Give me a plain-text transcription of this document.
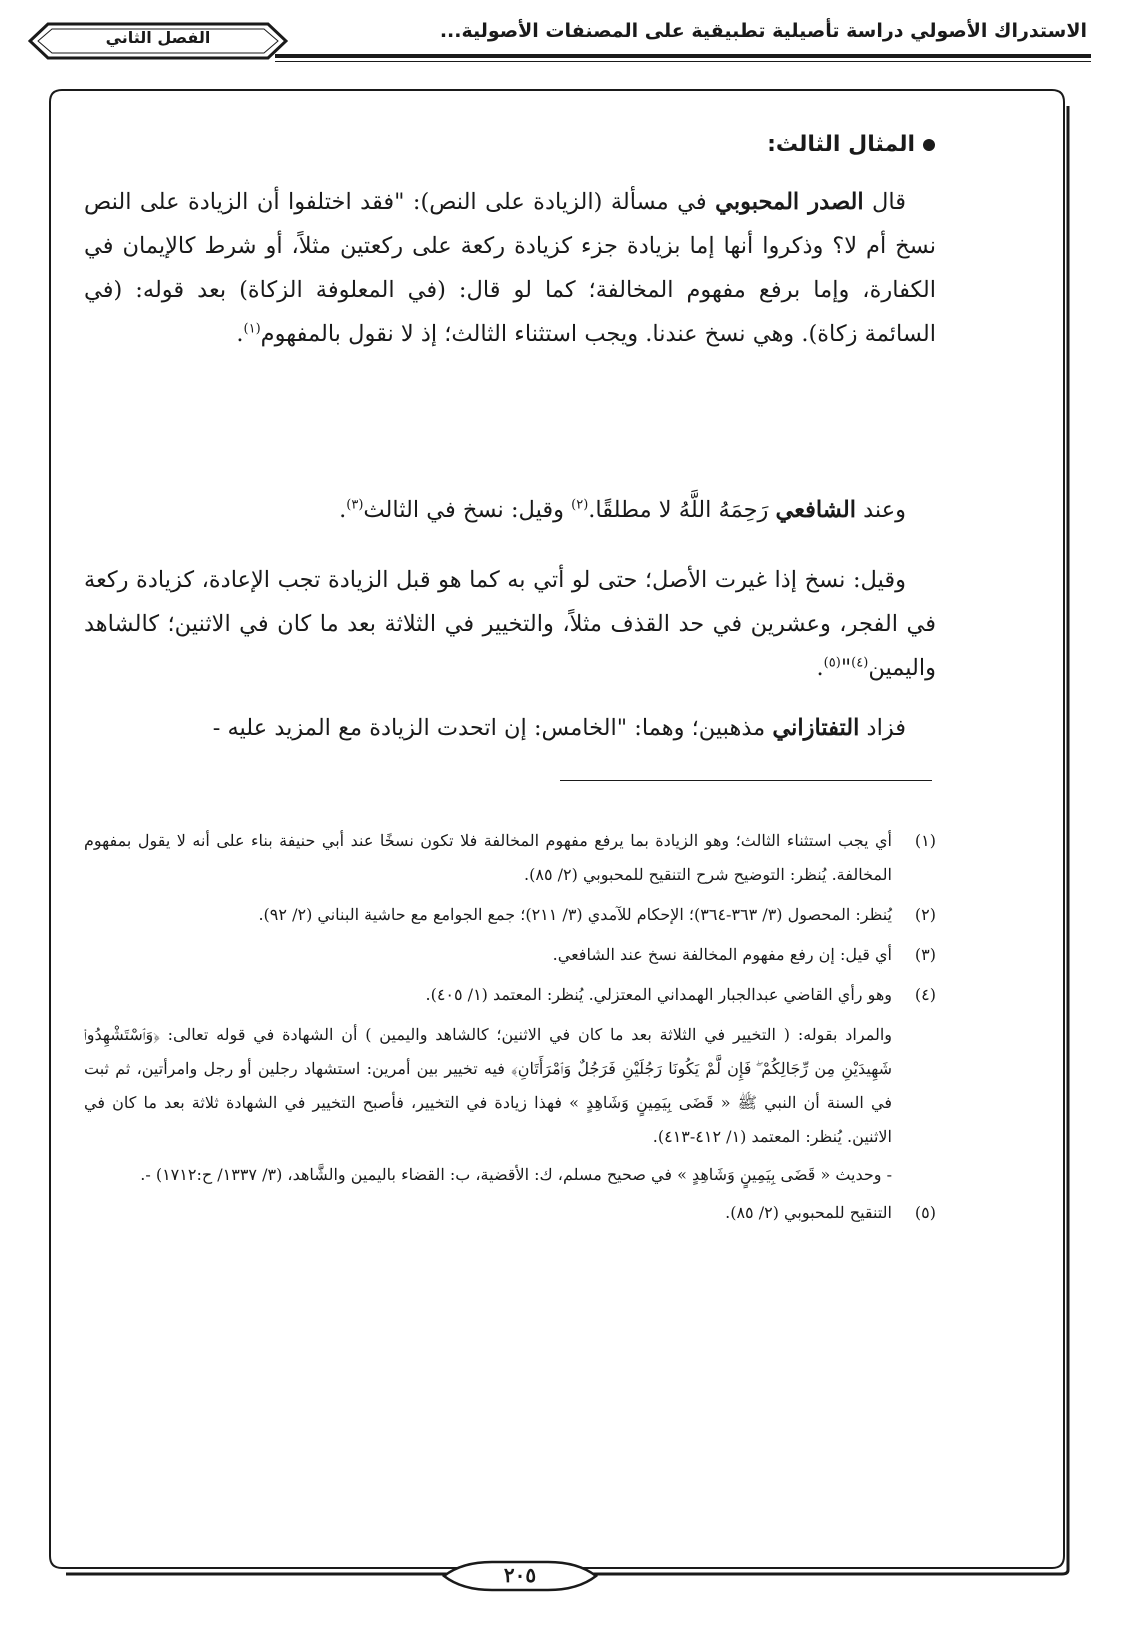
الاستدراك الأصولي دراسة تأصيلية تطبيقية على المصنفات الأصولية...
الفصل الثاني
المثال الثالث:
قال الصدر المحبوبي في مسألة (الزيادة على النص): "فقد اختلفوا أن الزيادة على النص نسخ أم لا؟ وذكروا أنها إما بزيادة جزء كزيادة ركعة على ركعتين مثلاً، أو شرط كالإيمان في الكفارة، وإما برفع مفهوم المخالفة؛ كما لو قال: (في المعلوفة الزكاة) بعد قوله: (في السائمة زكاة). وهي نسخ عندنا. ويجب استثناء الثالث؛ إذ لا نقول بالمفهوم$^{(١)}$.
وعند الشافعي رَحِمَهُ اللَّهُ لا مطلقًا.$^{(٢)}$ وقيل: نسخ في الثالث$^{(٣)}$.
وقيل: نسخ إذا غيرت الأصل؛ حتى لو أتي به كما هو قبل الزيادة تجب الإعادة، كزيادة ركعة في الفجر، وعشرين في حد القذف مثلاً، والتخيير في الثلاثة بعد ما كان في الاثنين؛ كالشاهد واليمين$^{(٤)}$"$^{(٥)}$.
فزاد التفتازاني مذهبين؛ وهما: "الخامس: إن اتحدت الزيادة مع المزيد عليه -
(١)
أي يجب استثناء الثالث؛ وهو الزيادة بما يرفع مفهوم المخالفة فلا تكون نسخًا عند أبي حنيفة بناء على أنه لا يقول بمفهوم المخالفة. يُنظر: التوضيح شرح التنقيح للمحبوبي (٢/ ٨٥).
(٢)
يُنظر: المحصول (٣/ ٣٦٣-٣٦٤)؛ الإحكام للآمدي (٣/ ٢١١)؛ جمع الجوامع مع حاشية البناني (٢/ ٩٢).
(٣)
أي قيل: إن رفع مفهوم المخالفة نسخ عند الشافعي.
(٤)
وهو رأي القاضي عبدالجبار الهمداني المعتزلي. يُنظر: المعتمد (١/ ٤٠٥).
والمراد بقوله: ( التخيير في الثلاثة بعد ما كان في الاثنين؛ كالشاهد واليمين ) أن الشهادة في قوله تعالى: ﴿وَٱسْتَشْهِدُوا۟ شَهِيدَيْنِ مِن رِّجَالِكُمْ ۖ فَإِن لَّمْ يَكُونَا رَجُلَيْنِ فَرَجُلٌ وَٱمْرَأَتَانِ﴾ فيه تخيير بين أمرين: استشهاد رجلين أو رجل وامرأتين، ثم ثبت في السنة أن النبي ﷺ « قَضَى بِيَمِينٍ وَشَاهِدٍ » فهذا زيادة في التخيير، فأصبح التخيير في الشهادة ثلاثة بعد ما كان في الاثنين. يُنظر: المعتمد (١/ ٤١٢-٤١٣).
- وحديث « قَضَى بِيَمِينٍ وَشَاهِدٍ » في صحيح مسلم، ك: الأقضية، ب: القضاء باليمين والشَّاهد، (٣/ ١٣٣٧/ ح:١٧١٢) -.
(٥)
التنقيح للمحبوبي (٢/ ٨٥).
٢٠٥
